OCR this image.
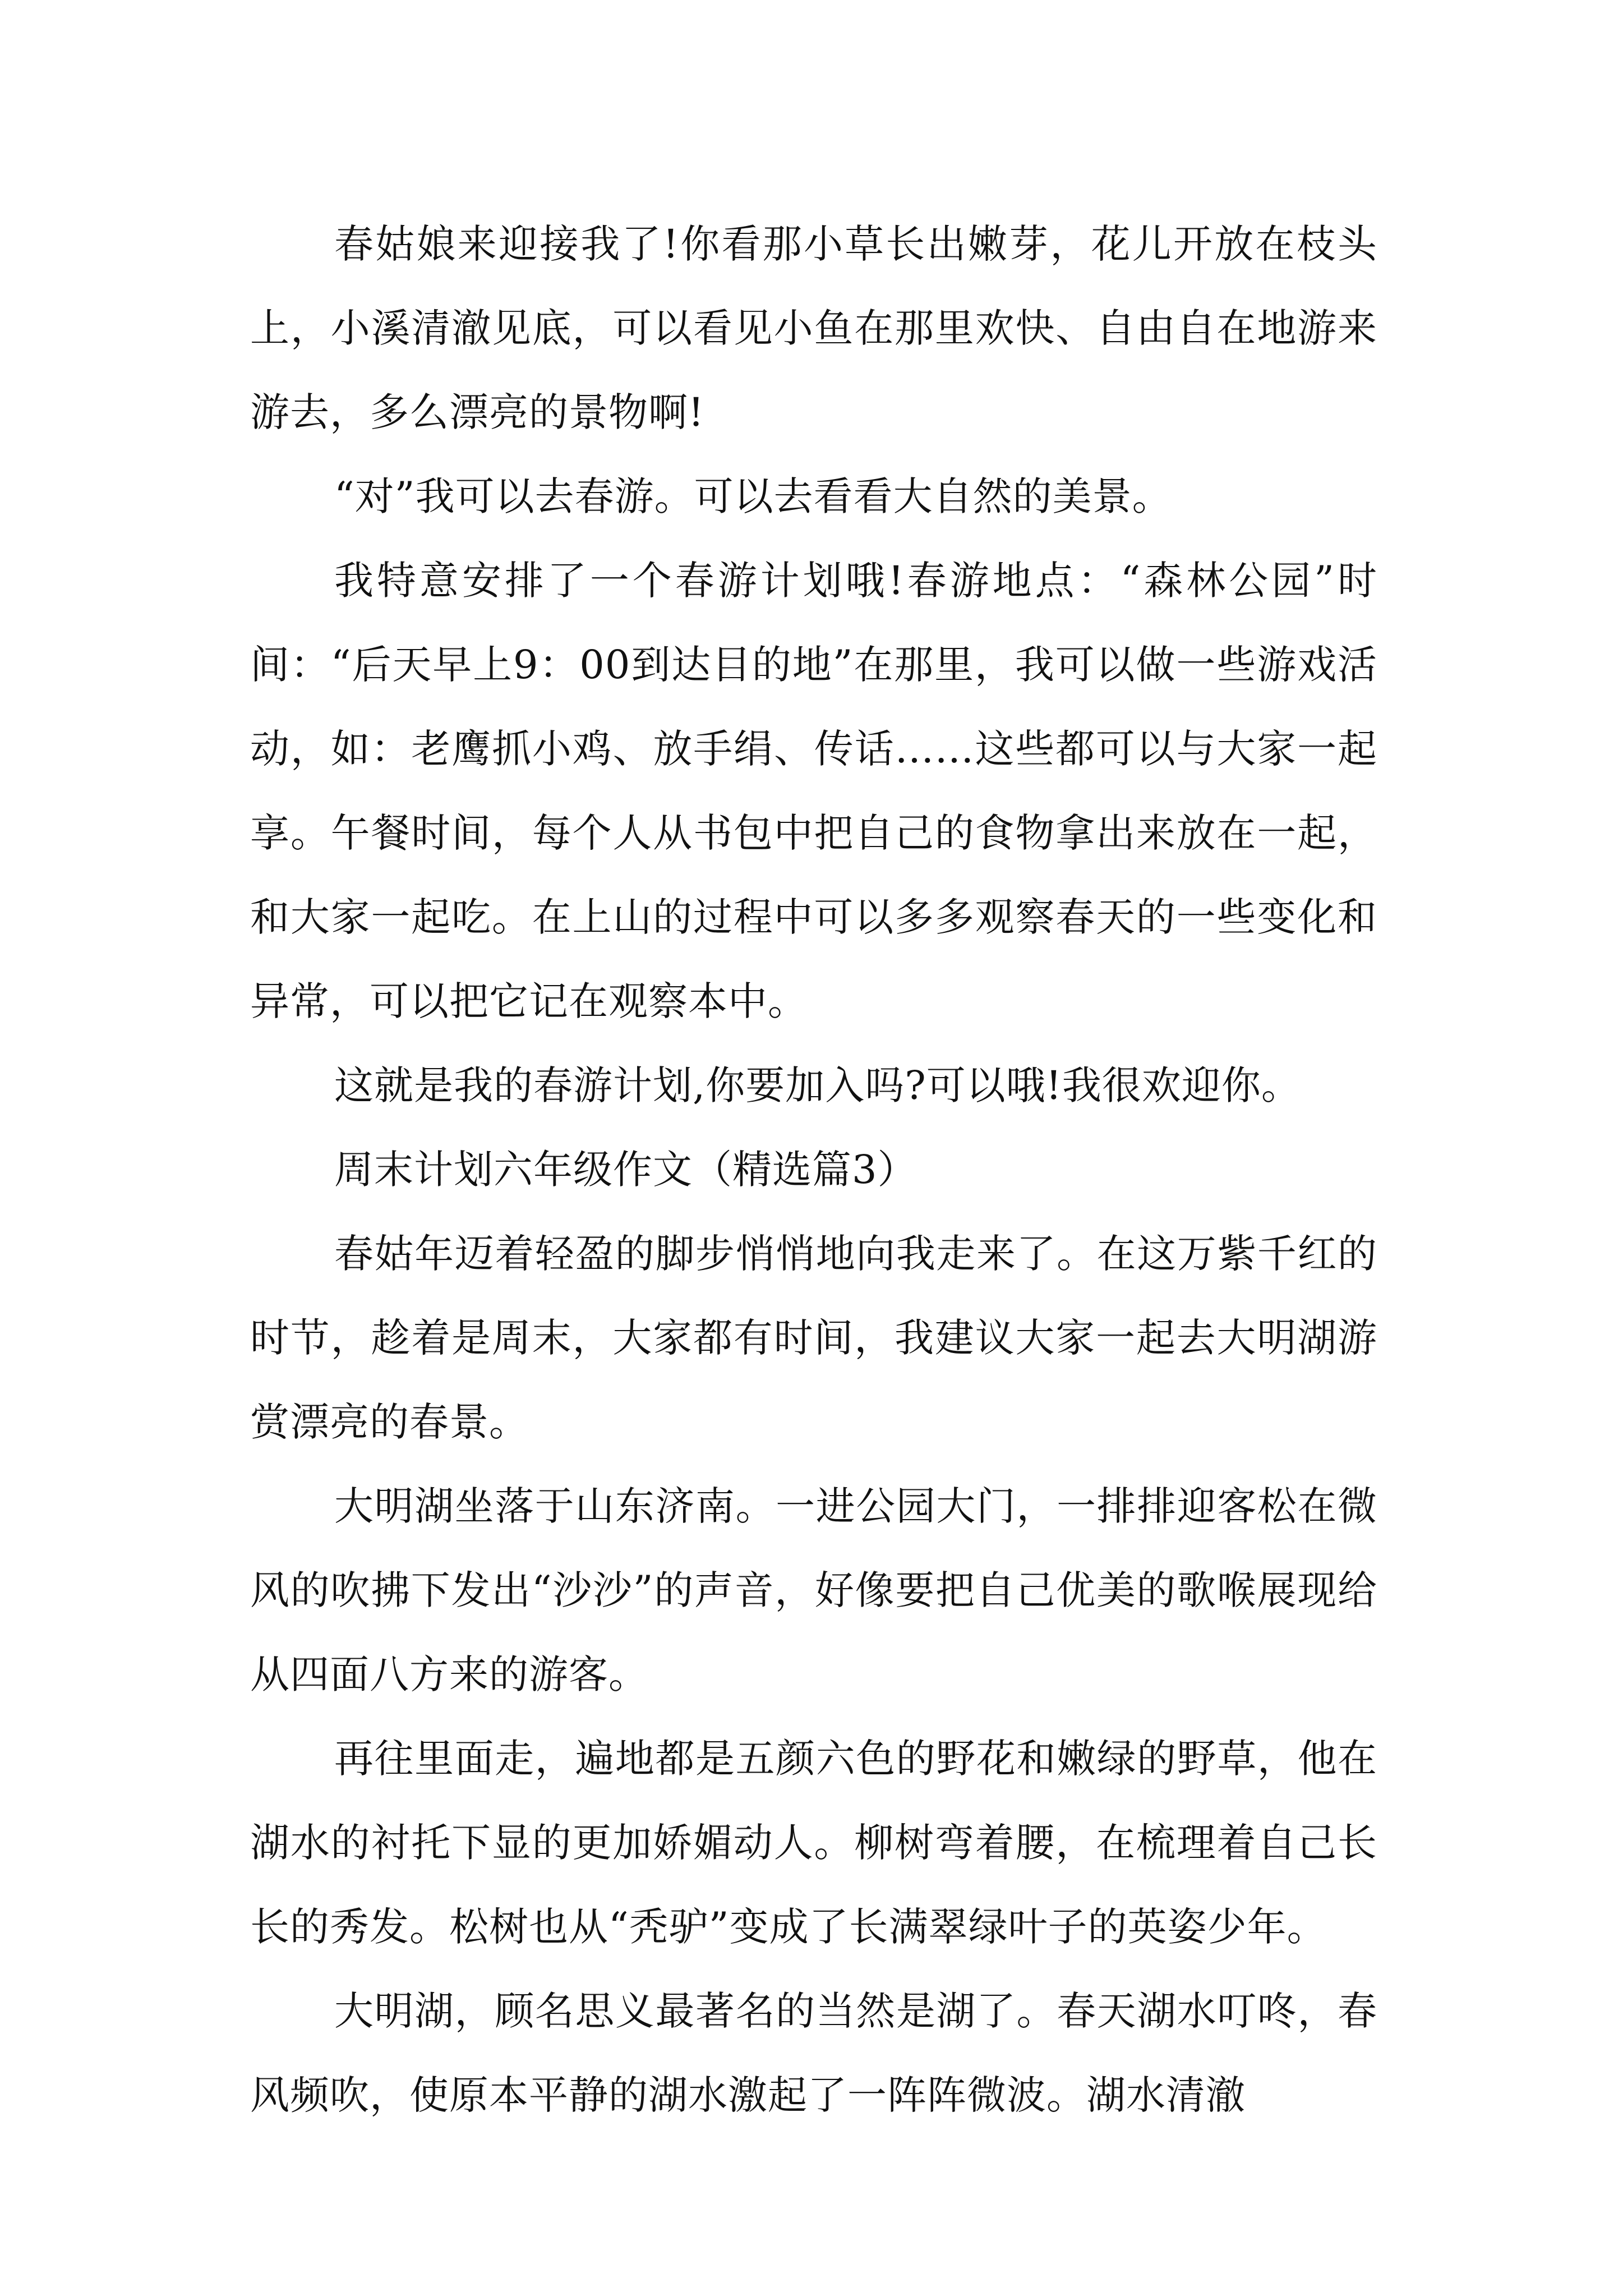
春姑娘来迎接我了!你看那小草长出嫩芽，花儿开放在枝头上，小溪清澈见底，可以看见小鱼在那里欢快、自由自在地游来游去，多么漂亮的景物啊!

“对”我可以去春游。可以去看看大自然的美景。

我特意安排了一个春游计划哦!春游地点：“森林公园”时间：“后天早上9：00到达目的地”在那里，我可以做一些游戏活动，如：老鹰抓小鸡、放手绢、传话……这些都可以与大家一起享。午餐时间，每个人从书包中把自己的食物拿出来放在一起，和大家一起吃。在上山的过程中可以多多观察春天的一些变化和异常，可以把它记在观察本中。

这就是我的春游计划,你要加入吗?可以哦!我很欢迎你。

周末计划六年级作文（精选篇3）

春姑年迈着轻盈的脚步悄悄地向我走来了。在这万紫千红的时节，趁着是周末，大家都有时间，我建议大家一起去大明湖游赏漂亮的春景。

大明湖坐落于山东济南。一进公园大门，一排排迎客松在微风的吹拂下发出“沙沙”的声音，好像要把自己优美的歌喉展现给从四面八方来的游客。

再往里面走，遍地都是五颜六色的野花和嫩绿的野草，他在湖水的衬托下显的更加娇媚动人。柳树弯着腰，在梳理着自己长长的秀发。松树也从“秃驴”变成了长满翠绿叶子的英姿少年。

大明湖，顾名思义最著名的当然是湖了。春天湖水叮咚，春风频吹，使原本平静的湖水激起了一阵阵微波。湖水清澈
